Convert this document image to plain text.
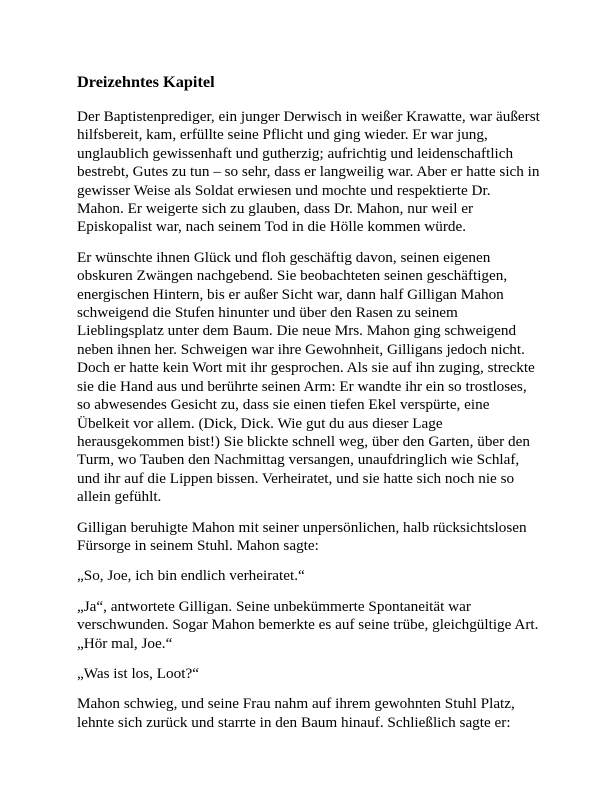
Dreizehntes Kapitel

Der Baptistenprediger, ein junger Derwisch in weißer Krawatte, war äußerst
hilfsbereit, kam, erfüllte seine Pflicht und ging wieder. Er war jung,
unglaublich gewissenhaft und gutherzig; aufrichtig und leidenschaftlich
bestrebt, Gutes zu tun – so sehr, dass er langweilig war. Aber er hatte sich in
gewisser Weise als Soldat erwiesen und mochte und respektierte Dr.
Mahon. Er weigerte sich zu glauben, dass Dr. Mahon, nur weil er
Episkopalist war, nach seinem Tod in die Hölle kommen würde.

Er wünschte ihnen Glück und floh geschäftig davon, seinen eigenen
obskuren Zwängen nachgebend. Sie beobachteten seinen geschäftigen,
energischen Hintern, bis er außer Sicht war, dann half Gilligan Mahon
schweigend die Stufen hinunter und über den Rasen zu seinem
Lieblingsplatz unter dem Baum. Die neue Mrs. Mahon ging schweigend
neben ihnen her. Schweigen war ihre Gewohnheit, Gilligans jedoch nicht.
Doch er hatte kein Wort mit ihr gesprochen. Als sie auf ihn zuging, streckte
sie die Hand aus und berührte seinen Arm: Er wandte ihr ein so trostloses,
so abwesendes Gesicht zu, dass sie einen tiefen Ekel verspürte, eine
Übelkeit vor allem. (Dick, Dick. Wie gut du aus dieser Lage
herausgekommen bist!) Sie blickte schnell weg, über den Garten, über den
Turm, wo Tauben den Nachmittag versangen, unaufdringlich wie Schlaf,
und ihr auf die Lippen bissen. Verheiratet, und sie hatte sich noch nie so
allein gefühlt.

Gilligan beruhigte Mahon mit seiner unpersönlichen, halb rücksichtslosen
Fürsorge in seinem Stuhl. Mahon sagte:

„So, Joe, ich bin endlich verheiratet.“

„Ja“, antwortete Gilligan. Seine unbekümmerte Spontaneität war
verschwunden. Sogar Mahon bemerkte es auf seine trübe, gleichgültige Art.
„Hör mal, Joe.“

„Was ist los, Loot?“

Mahon schwieg, und seine Frau nahm auf ihrem gewohnten Stuhl Platz,
lehnte sich zurück und starrte in den Baum hinauf. Schließlich sagte er:
